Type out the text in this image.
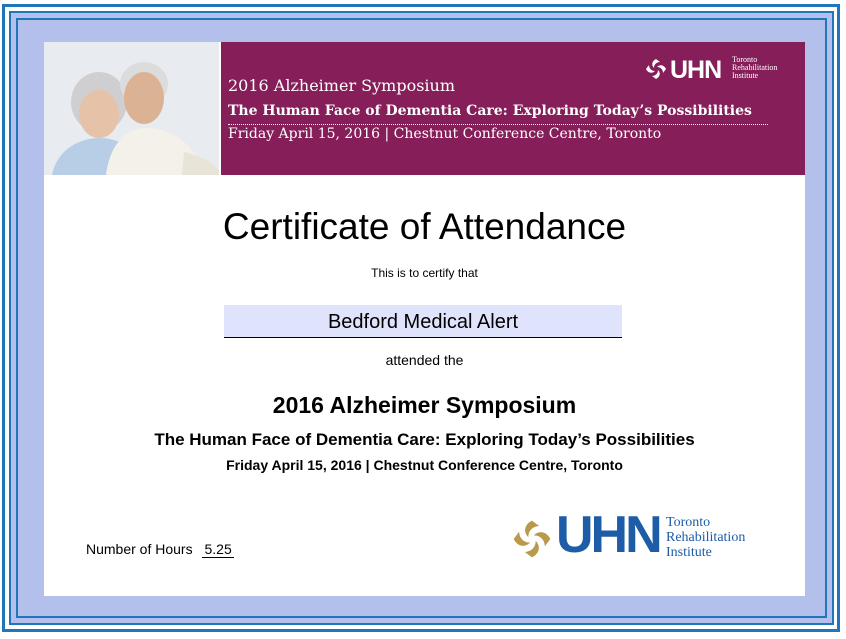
UHN Toronto
Rehabilitation
Institute
2016 Alzheimer Symposium
The Human Face of Dementia Care: Exploring Today’s Possibilities
Friday April 15, 2016 | Chestnut Conference Centre, Toronto
Certificate of Attendance
This is to certify that
Bedford Medical Alert
attended the
2016 Alzheimer Symposium
The Human Face of Dementia Care: Exploring Today’s Possibilities
Friday April 15, 2016 | Chestnut Conference Centre, Toronto
Number of Hours 5.25	UHN Toronto
Rehabilitation
Institute
